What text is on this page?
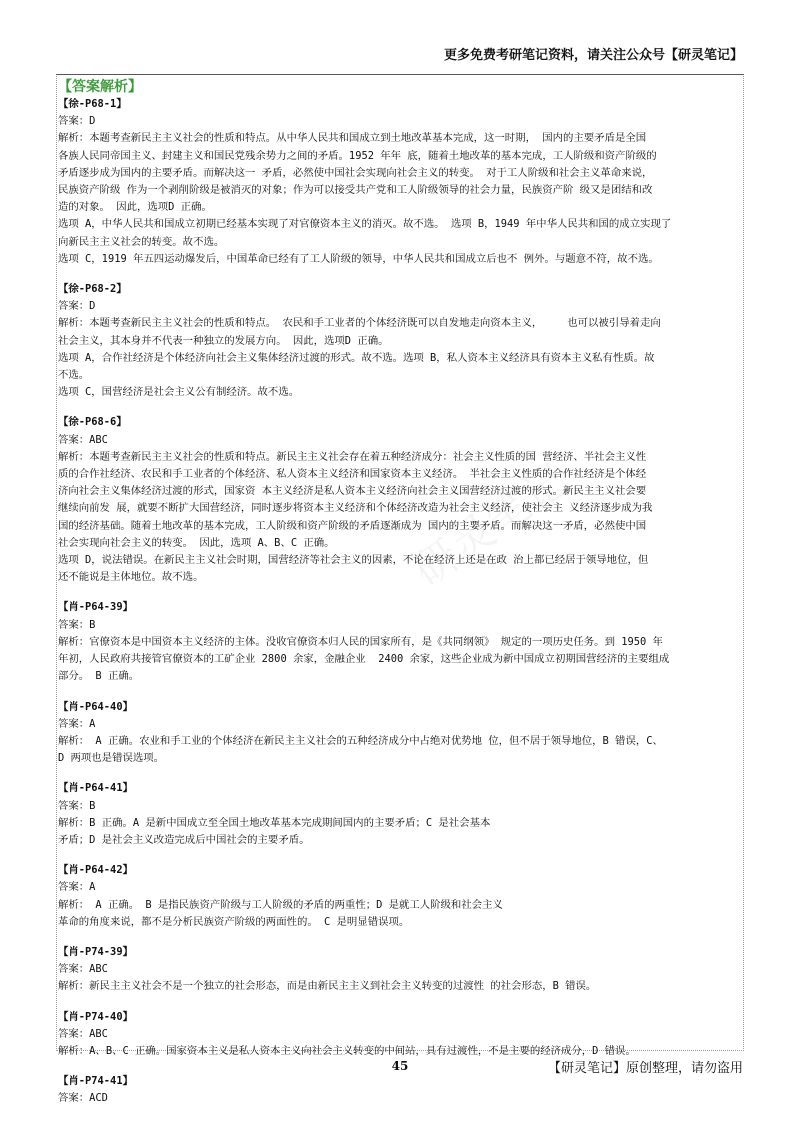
更多免费考研笔记资料，请关注公众号【研灵笔记】
【答案解析】
【徐-P68-1】
答案：D
解析：本题考查新民主主义社会的性质和特点。从中华人民共和国成立到土地改革基本完成，这一时期， 国内的主要矛盾是全国
各族人民同帝国主义、封建主义和国民党残余势力之间的矛盾。1952 年年 底，随着土地改革的基本完成，工人阶级和资产阶级的
矛盾逐步成为国内的主要矛盾。而解决这一 矛盾，必然使中国社会实现向社会主义的转变。 对于工人阶级和社会主义革命来说，
民族资产阶级 作为一个剥削阶级是被消灭的对象；作为可以接受共产党和工人阶级领导的社会力量，民族资产阶 级又是团结和改
造的对象。 因此，选项D 正确。
选项 A，中华人民共和国成立初期已经基本实现了对官僚资本主义的消灭。故不选。 选项 B，1949 年中华人民共和国的成立实现了
向新民主主义社会的转变。故不选。
选项 C，1919 年五四运动爆发后，中国革命已经有了工人阶级的领导，中华人民共和国成立后也不 例外。与题意不符，故不选。
【徐-P68-2】
答案：D
解析：本题考查新民主主义社会的性质和特点。 农民和手工业者的个体经济既可以自发地走向资本主义，    也可以被引导着走向
社会主义，其本身并不代表一种独立的发展方向。 因此，选项D 正确。
选项 A，合作社经济是个体经济向社会主义集体经济过渡的形式。故不选。选项 B，私人资本主义经济具有资本主义私有性质。故
不选。
选项 C，国营经济是社会主义公有制经济。故不选。
【徐-P68-6】
答案：ABC
解析：本题考查新民主主义社会的性质和特点。新民主主义社会存在着五种经济成分：社会主义性质的国 营经济、半社会主义性
质的合作社经济、农民和手工业者的个体经济、私人资本主义经济和国家资本主义经济。 半社会主义性质的合作社经济是个体经
济向社会主义集体经济过渡的形式，国家资 本主义经济是私人资本主义经济向社会主义国营经济过渡的形式。新民主主义社会要
继续向前发 展，就要不断扩大国营经济，同时逐步将资本主义经济和个体经济改造为社会主义经济，使社会主 义经济逐步成为我
国的经济基础。随着土地改革的基本完成，工人阶级和资产阶级的矛盾逐渐成为 国内的主要矛盾。而解决这一矛盾，必然使中国
社会实现向社会主义的转变。 因此，选项 A、B、C 正确。
选项 D，说法错误。在新民主主义社会时期，国营经济等社会主义的因素，不论在经济上还是在政 治上都已经居于领导地位，但
还不能说是主体地位。故不选。
【肖-P64-39】
答案：B
解析：官僚资本是中国资本主义经济的主体。没收官僚资本归人民的国家所有，是《共同纲领》 规定的一项历史任务。到 1950 年
年初，人民政府共接管官僚资本的工矿企业 2800 余家，金融企业  2400 余家，这些企业成为新中国成立初期国营经济的主要组成
部分。 B 正确。
【肖-P64-40】
答案：A
解析： A 正确。农业和手工业的个体经济在新民主主义社会的五种经济成分中占绝对优势地 位，但不居于领导地位，B 错误，C、
D 两项也是错误选项。
【肖-P64-41】
答案：B
解析：B 正确。A 是新中国成立至全国土地改革基本完成期间国内的主要矛盾；C 是社会基本
矛盾；D 是社会主义改造完成后中国社会的主要矛盾。
【肖-P64-42】
答案：A
解析： A 正确。 B 是指民族资产阶级与工人阶级的矛盾的两重性；D 是就工人阶级和社会主义
革命的角度来说，都不是分析民族资产阶级的两面性的。 C 是明显错误项。
【肖-P74-39】
答案：ABC
解析：新民主主义社会不是一个独立的社会形态，而是由新民主主义到社会主义转变的过渡性 的社会形态，B 错误。
【肖-P74-40】
答案：ABC
解析：A、B、C 正确。国家资本主义是私人资本主义向社会主义转变的中间站，具有过渡性，不是主要的经济成分，D 错误。
【肖-P74-41】
答案：ACD
45	【研灵笔记】原创整理，请勿盗用
